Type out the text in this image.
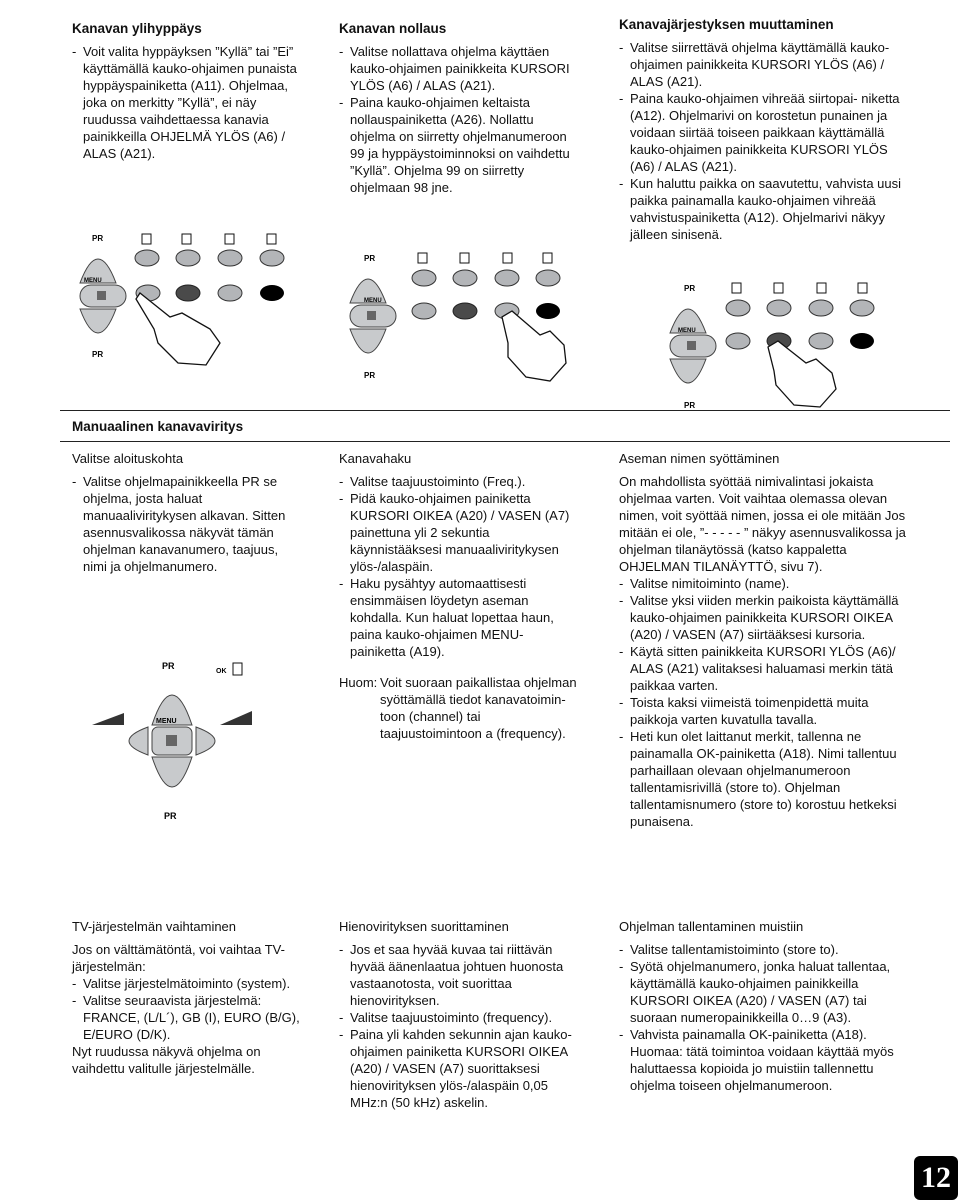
Kanavan ylihyppäys
- Voit valita hyppäyksen ”Kyllä” tai ”Ei” käyttämällä kauko-ohjaimen punaista hyppäyspainiketta (A11). Ohjelmaa, joka on merkitty ”Kyllä”, ei näy ruudussa vaihdettaessa kanavia painikkeilla OHJELMÄ YLÖS (A6) / ALAS (A21).
Kanavan nollaus
- Valitse nollattava ohjelma käyttäen kauko-ohjaimen painikkeita KURSORI YLÖS (A6) / ALAS (A21).
- Paina kauko-ohjaimen keltaista nollauspainiketta (A26). Nollattu ohjelma on siirretty ohjelmanumeroon 99 ja hyppäystoiminnoksi on vaihdettu ”Kyllä”. Ohjelma 99 on siirretty ohjelmaan 98 jne.
Kanavajärjestyksen muuttaminen
- Valitse siirrettävä ohjelma käyttämällä kauko-ohjaimen painikkeita KURSORI YLÖS (A6) / ALAS (A21).
- Paina kauko-ohjaimen vihreää siirtopai- niketta (A12). Ohjelmarivi on korostetun punainen ja voidaan siirtää toiseen paikkaan käyttämällä kauko-ohjaimen painikkeita KURSORI YLÖS (A6) / ALAS (A21).
- Kun haluttu paikka on saavutettu, vahvista uusi paikka painamalla kauko-ohjaimen vihreää vahvistuspainiketta (A12). Ohjelmarivi näkyy jälleen sinisenä.
PR
MENU
PR
PR
MENU
PR
PR
MENU
PR
Manuaalinen kanavaviritys
Valitse aloituskohta
- Valitse ohjelmapainikkeella PR se ohjelma, josta haluat manuaaliviritykysen alkavan. Sitten asennusvalikossa näkyvät tämän ohjelman kanavanumero, taajuus, nimi ja ohjelmanumero.
Kanavahaku
- Valitse taajuustoiminto (Freq.).
- Pidä kauko-ohjaimen painiketta KURSORI OIKEA (A20) / VASEN (A7) painettuna yli 2 sekuntia käynnistääksesi manuaaliviritykysen ylös-/alaspäin.
- Haku pysähtyy automaattisesti ensimmäisen löydetyn aseman kohdalla. Kun haluat lopettaa haun, paina kauko-ohjaimen MENU-painiketta (A19).

Huom: Voit suoraan paikallistaa ohjelman syöttämällä tiedot kanavatoimin- toon (channel) tai taajuustoimintoon a (frequency).

Aseman nimen syöttäminen

On mahdollista syöttää nimivalintasi jokaista ohjelmaa varten. Voit vaihtaa olemassa olevan nimen, voit syöttää nimen, jossa ei ole mitään Jos mitään ei ole, ”- - - - - ” näkyy asennusvalikossa ja ohjelman tilanäytössä (katso kappaletta OHJELMAN TILANÄYTTÖ, sivu 7).

- Valitse nimitoiminto (name).
- Valitse yksi viiden merkin paikoista käyttämällä kauko-ohjaimen painikkeita KURSORI OIKEA (A20) / VASEN (A7) siirtääksesi kursoria.
- Käytä sitten painikkeita KURSORI YLÖS (A6)/ ALAS (A21) valitaksesi haluamasi merkin tätä paikkaa varten.
- Toista kaksi viimeistä toimenpidettä muita paikkoja varten kuvatulla tavalla.
- Heti kun olet laittanut merkit, tallenna ne painamalla OK-painiketta (A18). Nimi tallentuu parhaillaan olevaan ohjelmanumeroon tallentamisrivillä (store to). Ohjelman tallentamisnumero (store to) korostuu hetkeksi punaisena.
PR
OK
MENU
PR
TV-järjestelmän vaihtaminen

Jos on välttämätöntä, voi vaihtaa TV-järjestelmän:

- Valitse järjestelmätoiminto (system).
- Valitse seuraavista järjestelmä: FRANCE, (L/L´), GB (I), EURO (B/G), E/EURO (D/K).

Nyt ruudussa näkyvä ohjelma on vaihdettu valitulle järjestelmälle.

Hienovirityksen suorittaminen
- Jos et saa hyvää kuvaa tai riittävän hyvää äänenlaatua johtuen huonosta vastaanotosta, voit suorittaa hienovirityksen.
- Valitse taajuustoiminto (frequency).
- Paina yli kahden sekunnin ajan kauko-ohjaimen painiketta KURSORI OIKEA (A20) / VASEN (A7) suorittaksesi hienovirityksen ylös-/alaspäin 0,05 MHz:n (50 kHz) askelin.
Ohjelman tallentaminen muistiin
- Valitse tallentamistoiminto (store to).
- Syötä ohjelmanumero, jonka haluat tallentaa, käyttämällä kauko-ohjaimen painikkeilla KURSORI OIKEA (A20) / VASEN (A7) tai suoraan numeropainikkeilla 0…9 (A3).
- Vahvista painamalla OK-painiketta (A18). Huomaa: tätä toimintoa voidaan käyttää myös haluttaessa kopioida jo muistiin tallennettu ohjelma toiseen ohjelmanumeroon.
12
